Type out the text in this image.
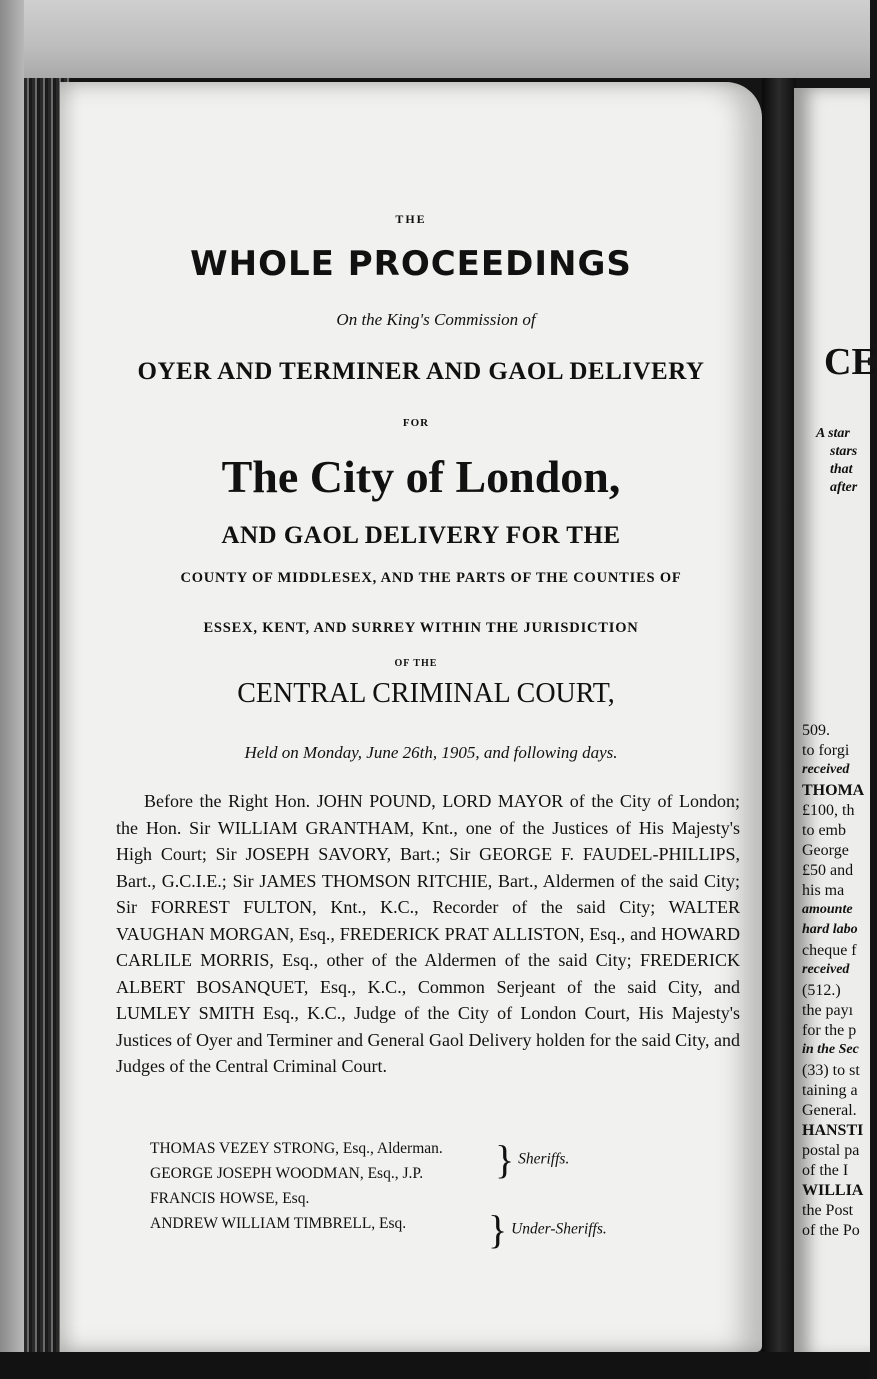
THE
WHOLE PROCEEDINGS
On the King's Commission of
OYER AND TERMINER AND GAOL DELIVERY
FOR
The City of London,
AND GAOL DELIVERY FOR THE
COUNTY OF MIDDLESEX, AND THE PARTS OF THE COUNTIES OF
ESSEX, KENT, AND SURREY WITHIN THE JURISDICTION
OF THE
CENTRAL CRIMINAL COURT,
Held on Monday, June 26th, 1905, and following days.
Before the Right Hon. JOHN POUND, LORD MAYOR of the City of London; the Hon. Sir WILLIAM GRANTHAM, Knt., one of the Justices of His Majesty's High Court; Sir JOSEPH SAVORY, Bart.; Sir GEORGE F. FAUDEL-PHILLIPS, Bart., G.C.I.E.; Sir JAMES THOMSON RITCHIE, Bart., Aldermen of the said City; Sir FORREST FULTON, Knt., K.C., Recorder of the said City; WALTER VAUGHAN MORGAN, Esq., FREDERICK PRAT ALLISTON, Esq., and HOWARD CARLILE MORRIS, Esq., other of the Aldermen of the said City; FREDERICK ALBERT BOSANQUET, Esq., K.C., Common Serjeant of the said City, and LUMLEY SMITH Esq., K.C., Judge of the City of London Court, His Majesty's Justices of Oyer and Terminer and General Gaol Delivery holden for the said City, and Judges of the Central Criminal Court.
THOMAS VEZEY STRONG, Esq., Alderman.
GEORGE JOSEPH WOODMAN, Esq., J.P.
FRANCIS HOWSE, Esq.
ANDREW WILLIAM TIMBRELL, Esq.
} Sheriffs.
} Under-Sheriffs.
CE
A star
stars
that
after
509.
to forgi
received
THOMA
£100, th
to emb
George
£50 and
his ma
amounte
hard labo
cheque f
received
(512.)
the payı
for the p
in the Sec
(33) to st
taining a
General.
HANSTI
postal pa
of the I
WILLIA
the Post
of the Po
